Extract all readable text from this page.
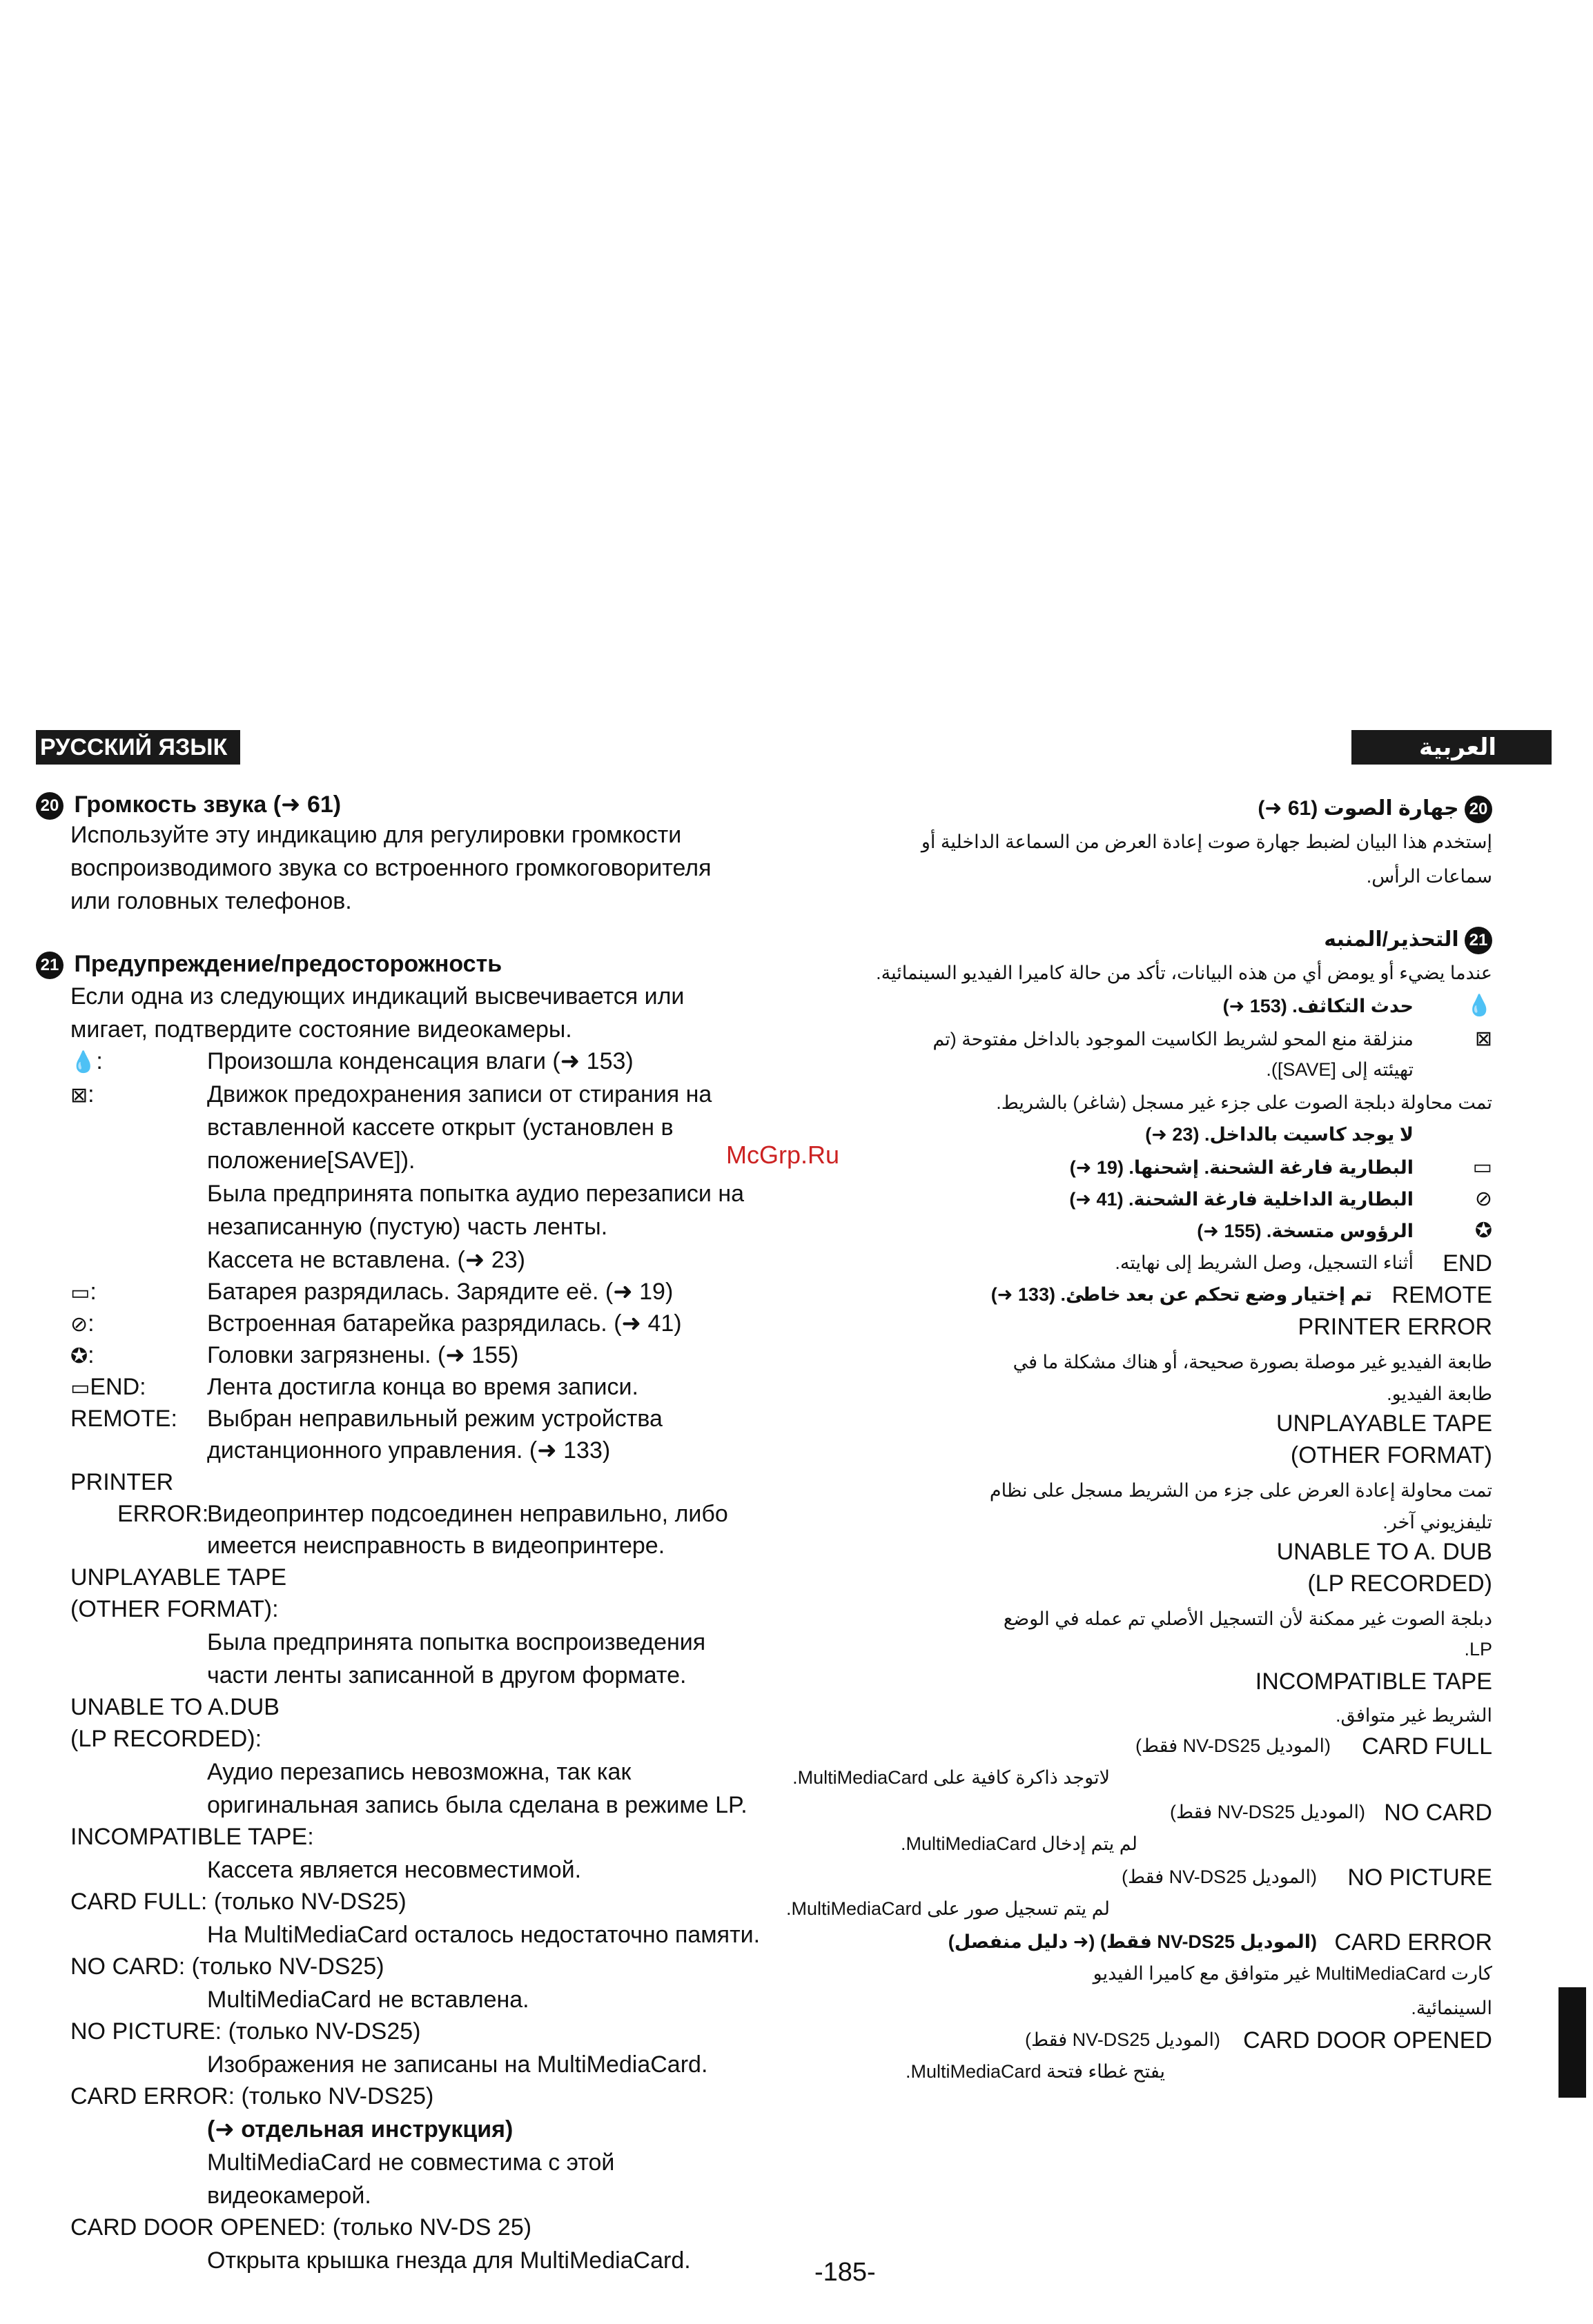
РУССКИЙ ЯЗЫК	العربية
20 Громкость звука (➜ 61)
Используйте эту индикацию для регулировки громкости
воспроизводимого звука со встроенного громкоговорителя
или головных телефонов.
21 Предупреждение/предосторожность
Если одна из следующих индикаций высвечивается или
мигает, подтвердите состояние видеокамеры.
💧:	Произошла конденсация влаги (➜ 153)
⊠:	Движок предохранения записи от стирания на
вставленной кассете открыт (установлен в
положение[SAVE]).
Была предпринята попытка аудио перезаписи на
незаписанную (пустую) часть ленты.
Кассета не вставлена. (➜ 23)
▭:	Батарея разрядилась. Зарядите её. (➜ 19)
⊘:	Встроенная батарейка разрядилась. (➜ 41)
✪:	Головки загрязнены. (➜ 155)
▭END:	Лента достигла конца во время записи.
REMOTE: Выбран неправильный режим устройства
дистанционного управления. (➜ 133)
PRINTER
ERROR:
Видеопринтер подсоединен неправильно, либо
имеется неисправность в видеопринтере.
UNPLAYABLE TAPE
(OTHER FORMAT):
Была предпринята попытка воспроизведения
части ленты записанной в другом формате.
UNABLE TO A.DUB
(LP RECORDED):
Аудио перезапись невозможна, так как
оригинальная запись была сделана в режиме LP.
INCOMPATIBLE TAPE:
Кассета является несовместимой.
CARD FULL: (только NV-DS25)
На MultiMediaCard осталось недостаточно памяти.
NO CARD: (только NV-DS25)
MultiMediaCard не вставлена.
NO PICTURE: (только NV-DS25)
Изображения не записаны на MultiMediaCard.
CARD ERROR: (только NV-DS25)
(➜ отдельная инструкция)
MultiMediaCard не совместима с этой
видеокамерой.
CARD DOOR OPENED: (только NV-DS 25)
Открыта крышка гнезда для MultiMediaCard.
McGrp.Ru
-185-
20 جهارة الصوت (61 ➜)
إستخدم هذا البيان لضبط جهارة صوت إعادة العرض من السماعة الداخلية أو
سماعات الرأس.
21 التحذير/المنبه
عندما يضيء أو يومض أي من هذه البيانات، تأكد من حالة كاميرا الفيديو السينمائية.
💧
حدث التكاثف. (153 ➜)
⊠
منزلقة منع المحو لشريط الكاسيت الموجود بالداخل مفتوحة (تم
تهيئته إلى [SAVE]).
تمت محاولة دبلجة الصوت على جزء غير مسجل (شاغر) بالشريط.
لا يوجد كاسيت بالداخل. (23 ➜)
▭
البطارية فارغة الشحنة. إشحنها. (19 ➜)
⊘
البطارية الداخلية فارغة الشحنة. (41 ➜)
✪
الرؤوس متسخة. (155 ➜)
END
أثناء التسجيل، وصل الشريط إلى نهايته.
REMOTE
تم إختيار وضع تحكم عن بعد خاطئ. (133 ➜)
PRINTER ERROR
طابعة الفيديو غير موصلة بصورة صحيحة، أو هناك مشكلة ما في
طابعة الفيديو.
UNPLAYABLE TAPE
(OTHER FORMAT)
تمت محاولة إعادة العرض على جزء من الشريط مسجل على نظام
تليفزيوني آخر.
UNABLE TO A. DUB
(LP RECORDED)
دبلجة الصوت غير ممكنة لأن التسجيل الأصلي تم عمله في الوضع
LP.
INCOMPATIBLE TAPE
الشريط غير متوافق.
CARD FULL
(الموديل NV-DS25 فقط)
لاتوجد ذاكرة كافية على MultiMediaCard.
NO CARD
(الموديل NV-DS25 فقط)
لم يتم إدخال MultiMediaCard.
NO PICTURE
(الموديل NV-DS25 فقط)
لم يتم تسجيل صور على MultiMediaCard.
CARD ERROR
(الموديل NV-DS25 فقط) (➜ دليل منفصل)
كارت MultiMediaCard غير متوافق مع كاميرا الفيديو
السينمائية.
CARD DOOR OPENED
(الموديل NV-DS25 فقط)
يفتح غطاء فتحة MultiMediaCard.
